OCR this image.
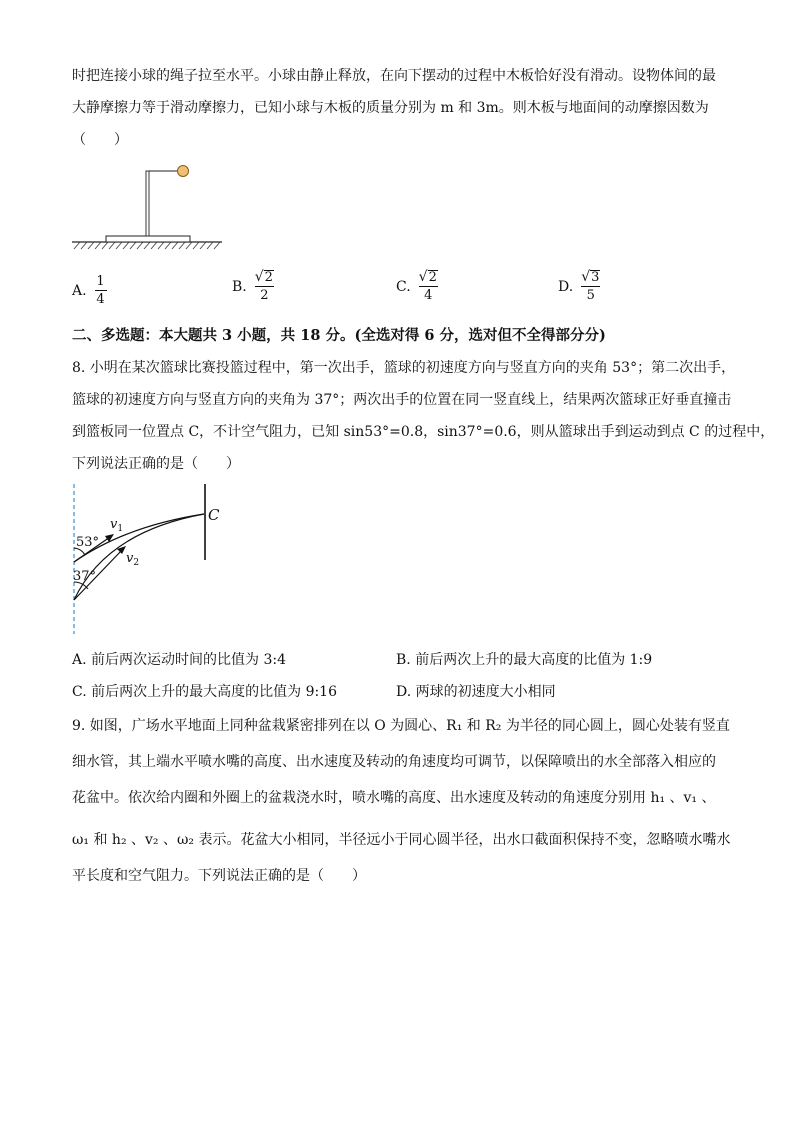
时把连接小球的绳子拉至水平。小球由静止释放，在向下摆动的过程中木板恰好没有滑动。设物体间的最
大静摩擦力等于滑动摩擦力，已知小球与木板的质量分别为 m 和 3m。则木板与地面间的动摩擦因数为
（　　）
A.
1
4
B.
√ 2
2
C.
√ 2
4
D.
√ 3
5
二、多选题：本大题共 3 小题，共 18 分。(全选对得 6 分，选对但不全得部分分)
8. 小明在某次篮球比赛投篮过程中，第一次出手，篮球的初速度方向与竖直方向的夹角 53°；第二次出手，
篮球的初速度方向与竖直方向的夹角为 37°；两次出手的位置在同一竖直线上，结果两次篮球正好垂直撞击
到篮板同一位置点 C，不计空气阻力，已知 sin53°=0.8，sin37°=0.6，则从篮球出手到运动到点 C 的过程中，
下列说法正确的是（　　）
53°
37°
$v_1$
$v_2$
C
A. 前后两次运动时间的比值为 3:4	B. 前后两次上升的最大高度的比值为 1:9
C. 前后两次上升的最大高度的比值为 9:16	D. 两球的初速度大小相同
9. 如图，广场水平地面上同种盆栽紧密排列在以 O 为圆心、R₁ 和 R₂ 为半径的同心圆上，圆心处装有竖直
细水管，其上端水平喷水嘴的高度、出水速度及转动的角速度均可调节，以保障喷出的水全部落入相应的
花盆中。依次给内圈和外圈上的盆栽浇水时，喷水嘴的高度、出水速度及转动的角速度分别用 h₁ 、v₁ 、
ω₁ 和 h₂ 、v₂ 、ω₂ 表示。花盆大小相同，半径远小于同心圆半径，出水口截面积保持不变，忽略喷水嘴水
平长度和空气阻力。下列说法正确的是（　　）
